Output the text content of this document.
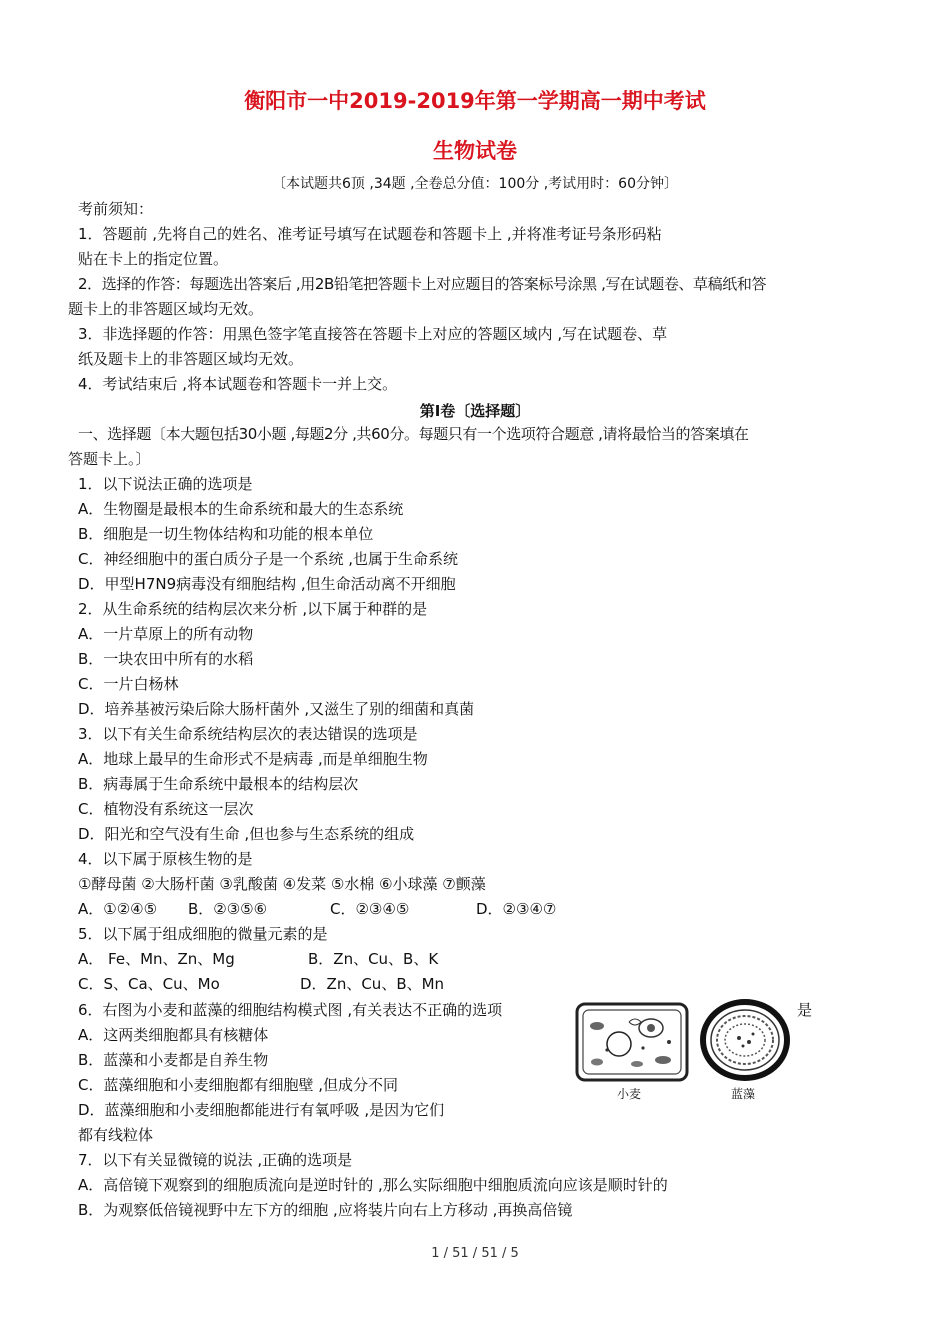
衡阳市一中2019-2019年第一学期高一期中考试
生物试卷
〔本试题共6顶 ,34题 ,全卷总分值：100分 ,考试用时：60分钟〕
考前须知：
1．答题前 ,先将自己的姓名、准考证号填写在试题卷和答题卡上 ,并将准考证号条形码粘
贴在卡上的指定位置。
2．选择的作答：每题选出答案后 ,用2B铅笔把答题卡上对应题目的答案标号涂黑 ,写在试题卷、草稿纸和答
题卡上的非答题区域均无效。
3．非选择题的作答：用黑色签字笔直接答在答题卡上对应的答题区域内 ,写在试题卷、草
纸及题卡上的非答题区域均无效。
4．考试结束后 ,将本试题卷和答题卡一并上交。
第Ⅰ卷〔选择题〕
一、选择题〔本大题包括30小题 ,每题2分 ,共60分。每题只有一个选项符合题意 ,请将最恰当的答案填在
答题卡上。〕
1．以下说法正确的选项是
A．生物圈是最根本的生命系统和最大的生态系统
B．细胞是一切生物体结构和功能的根本单位
C．神经细胞中的蛋白质分子是一个系统 ,也属于生命系统
D．甲型H7N9病毒没有细胞结构 ,但生命活动离不开细胞
2．从生命系统的结构层次来分析 ,以下属于种群的是
A．一片草原上的所有动物
B．一块农田中所有的水稻
C．一片白杨林
D．培养基被污染后除大肠杆菌外 ,又滋生了别的细菌和真菌
3．以下有关生命系统结构层次的表达错误的选项是
A．地球上最早的生命形式不是病毒 ,而是单细胞生物
B．病毒属于生命系统中最根本的结构层次
C．植物没有系统这一层次
D．阳光和空气没有生命 ,但也参与生态系统的组成
4．以下属于原核生物的是
①酵母菌 ②大肠杆菌 ③乳酸菌 ④发菜 ⑤水棉 ⑥小球藻 ⑦颤藻
A．①②④⑤ B．②③⑤⑥	C．②③④⑤	D．②③④⑦
5．以下属于组成细胞的微量元素的是
A． Fe、Mn、Zn、Mg	B．Zn、Cu、B、K
C．S、Ca、Cu、Mo	D．Zn、Cu、B、Mn
6．右图为小麦和蓝藻的细胞结构模式图 ,有关表达不正确的选项	是
A．这两类细胞都具有核糖体
B．蓝藻和小麦都是自养生物
C．蓝藻细胞和小麦细胞都有细胞壁 ,但成分不同
D．蓝藻细胞和小麦细胞都能进行有氧呼吸 ,是因为它们
都有线粒体
小麦	蓝藻
7．以下有关显微镜的说法 ,正确的选项是
A．高倍镜下观察到的细胞质流向是逆时针的 ,那么实际细胞中细胞质流向应该是顺时针的
B．为观察低倍镜视野中左下方的细胞 ,应将装片向右上方移动 ,再换高倍镜
1 / 51 / 51 / 5
